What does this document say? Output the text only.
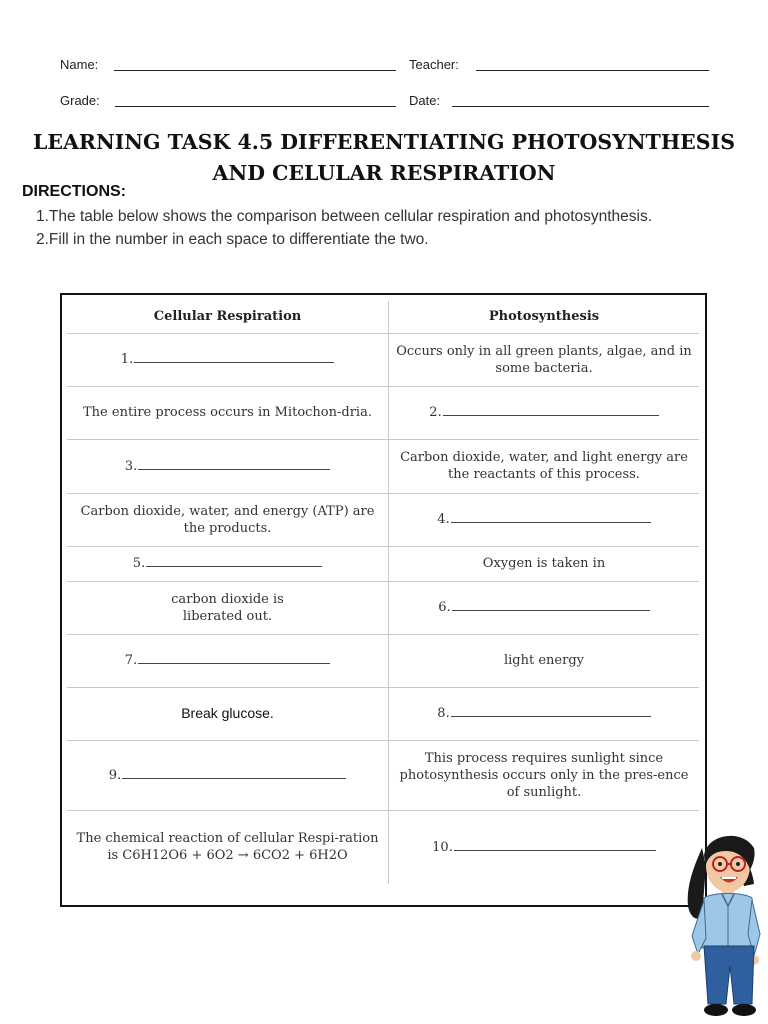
Name:	Teacher:
Grade:	Date:
LEARNING TASK 4.5 DIFFERENTIATING PHOTOSYNTHESIS
AND CELULAR RESPIRATION
DIRECTIONS:
1.The table below shows the comparison between cellular respiration and photosynthesis.
2.Fill in the number in each space to differentiate the two.
Cellular Respiration	Photosynthesis
1.	Occurs only in all green plants, algae, and in some bacteria.
The entire process occurs in Mitochon-dria.	2.
3.	Carbon dioxide, water, and light energy are the reactants of this process.
Carbon dioxide, water, and energy (ATP) are the products.	4.
5.	Oxygen is taken in

carbon dioxide is liberated out.	6.
7.	light energy
Break glucose.	8.
9.	This process requires sunlight since photosynthesis occurs only in the pres-ence of sunlight.
The chemical reaction of cellular Respi-ration is C6H12O6 + 6O2 → 6CO2 + 6H2O	10.
